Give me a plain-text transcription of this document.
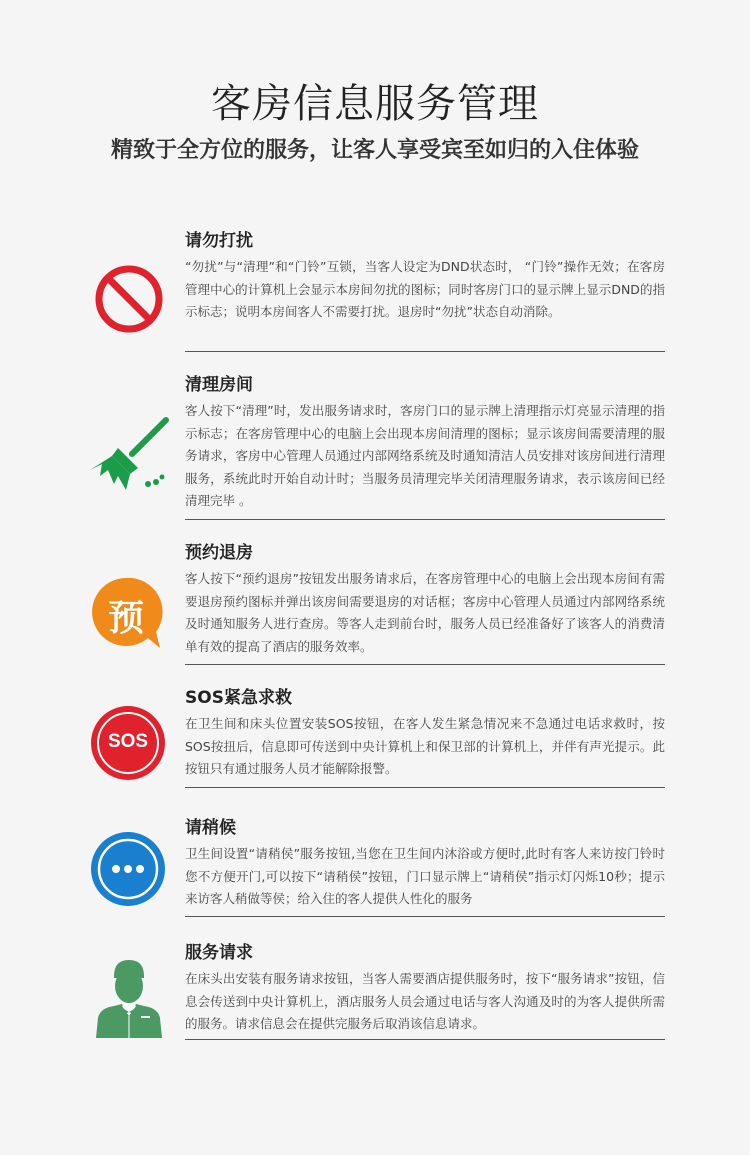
客房信息服务管理
精致于全方位的服务，让客人享受宾至如归的入住体验
请勿打扰

“勿扰”与“清理”和“门铃”互锁，当客人设定为DND状态时， “门铃”操作无效；在客房管理中心的计算机上会显示本房间勿扰的图标；同时客房门口的显示牌上显示DND的指示标志；说明本房间客人不需要打扰。退房时“勿扰”状态自动消除。

清理房间

客人按下“清理”时，发出服务请求时，客房门口的显示牌上清理指示灯亮显示清理的指示标志；在客房管理中心的电脑上会出现本房间清理的图标；显示该房间需要清理的服务请求，客房中心管理人员通过内部网络系统及时通知清洁人员安排对该房间进行清理服务，系统此时开始自动计时；当服务员清理完毕关闭清理服务请求，表示该房间已经清理完毕 。

预
预约退房

客人按下“预约退房”按钮发出服务请求后，在客房管理中心的电脑上会出现本房间有需要退房预约图标并弹出该房间需要退房的对话框；客房中心管理人员通过内部网络系统及时通知服务人进行查房。等客人走到前台时，服务人员已经准备好了该客人的消费清单有效的提高了酒店的服务效率。

SOS
SOS紧急求救

在卫生间和床头位置安装SOS按钮，在客人发生紧急情况来不急通过电话求救时，按SOS按扭后，信息即可传送到中央计算机上和保卫部的计算机上，并伴有声光提示。此按钮只有通过服务人员才能解除报警。

请稍候

卫生间设置“请稍侯”服务按钮,当您在卫生间内沐浴或方便时,此时有客人来访按门铃时您不方便开门,可以按下“请稍侯”按钮，门口显示牌上“请稍侯”指示灯闪烁10秒；提示来访客人稍做等侯；给入住的客人提供人性化的服务

服务请求

在床头出安装有服务请求按钮，当客人需要酒店提供服务时，按下“服务请求”按钮，信息会传送到中央计算机上，酒店服务人员会通过电话与客人沟通及时的为客人提供所需的服务。请求信息会在提供完服务后取消该信息请求。
